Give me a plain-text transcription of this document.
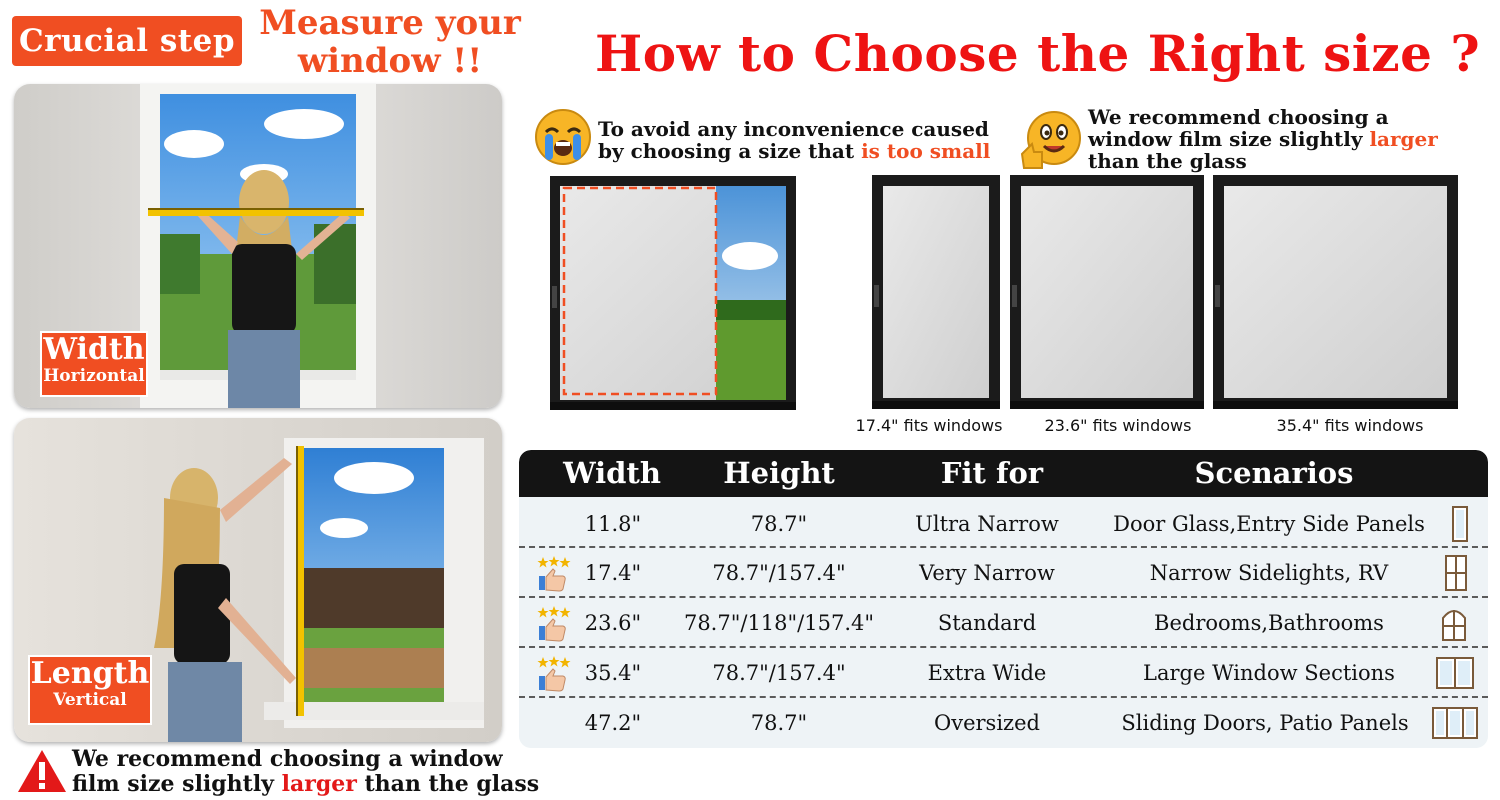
Crucial step Measure your
window !!
Width
Horizontal
Length
Vertical
We recommend choosing a window
film size slightly larger than the glass
How to Choose the Right size ?
To avoid any inconvenience caused
by choosing a size that is too small
We recommend choosing a
window film size slightly larger
than the glass
17.4" fits windows	23.6" fits windows	35.4" fits windows
Width	Height	Fit for	Scenarios
11.8"	78.7"	Ultra Narrow	Door Glass,Entry Side Panels
17.4"	78.7"/157.4"	Very Narrow	Narrow Sidelights, RV
23.6"	78.7"/118"/157.4"	Standard	Bedrooms,Bathrooms
35.4"	78.7"/157.4"	Extra Wide	Large Window Sections
47.2"	78.7"	Oversized	Sliding Doors, Patio Panels
